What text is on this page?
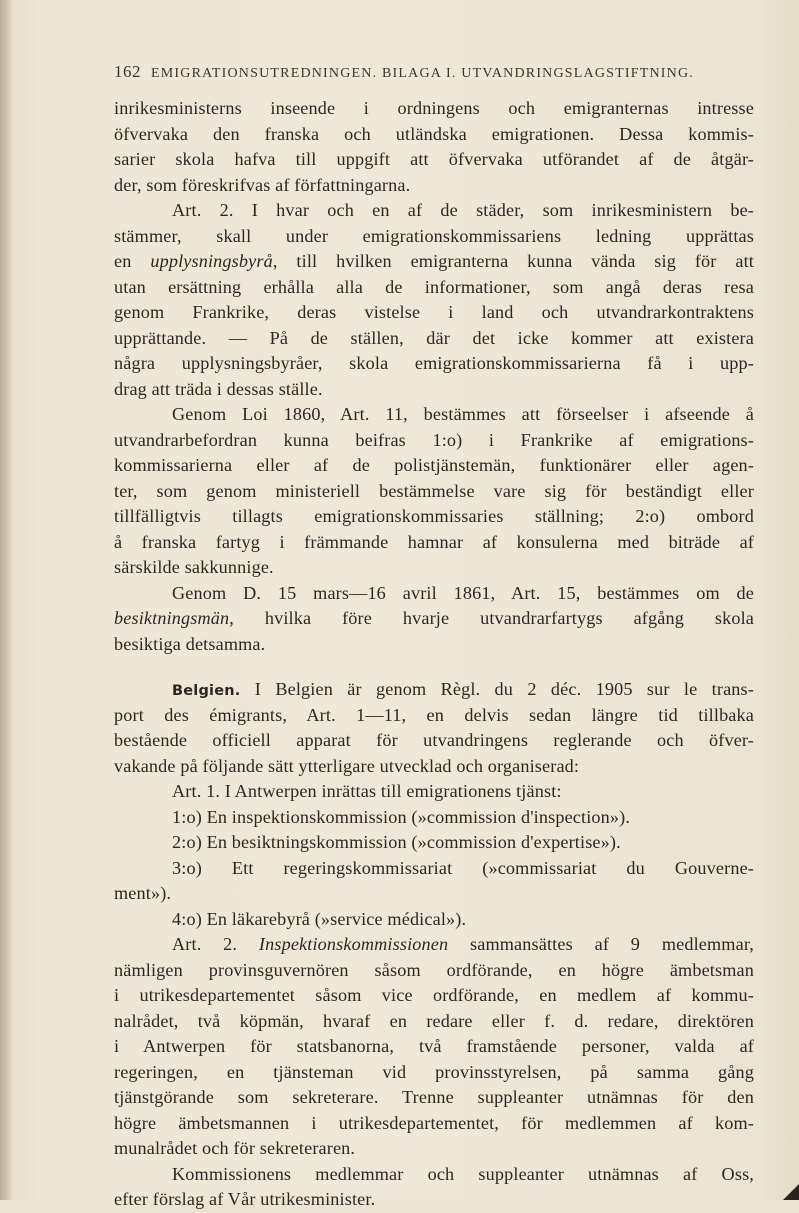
162 EMIGRATIONSUTREDNINGEN. BILAGA I. UTVANDRINGSLAGSTIFTNING.
inrikesministerns inseende i ordningens och emigranternas intresse
öfvervaka den franska och utländska emigrationen. Dessa kommis-
sarier skola hafva till uppgift att öfvervaka utförandet af de åtgär-
der, som föreskrifvas af författningarna.
Art. 2. I hvar och en af de städer, som inrikesministern be-
stämmer, skall under emigrationskommissariens ledning upprättas
en upplysningsbyrå, till hvilken emigranterna kunna vända sig för att
utan ersättning erhålla alla de informationer, som angå deras resa
genom Frankrike, deras vistelse i land och utvandrarkontraktens
upprättande. — På de ställen, där det icke kommer att existera
några upplysningsbyråer, skola emigrationskommissarierna få i upp-
drag att träda i dessas ställe.
Genom Loi 1860, Art. 11, bestämmes att förseelser i afseende å
utvandrarbefordran kunna beifras 1:o) i Frankrike af emigrations-
kommissarierna eller af de polistjänstemän, funktionärer eller agen-
ter, som genom ministeriell bestämmelse vare sig för beständigt eller
tillfälligtvis tillagts emigrationskommissaries ställning; 2:o) ombord
å franska fartyg i främmande hamnar af konsulerna med biträde af
särskilde sakkunnige.
Genom D. 15 mars—16 avril 1861, Art. 15, bestämmes om de
besiktningsmän, hvilka före hvarje utvandrarfartygs afgång skola
besiktiga detsamma.
Belgien. I Belgien är genom Règl. du 2 déc. 1905 sur le trans-
port des émigrants, Art. 1—11, en delvis sedan längre tid tillbaka
bestående officiell apparat för utvandringens reglerande och öfver-
vakande på följande sätt ytterligare utvecklad och organiserad:
Art. 1. I Antwerpen inrättas till emigrationens tjänst:
1:o) En inspektionskommission (»commission d'inspection»).
2:o) En besiktningskommission (»commission d'expertise»).
3:o) Ett regeringskommissariat (»commissariat du Gouverne-
ment»).
4:o) En läkarebyrå (»service médical»).
Art. 2. Inspektionskommissionen sammansättes af 9 medlemmar,
nämligen provinsguvernören såsom ordförande, en högre ämbetsman
i utrikesdepartementet såsom vice ordförande, en medlem af kommu-
nalrådet, två köpmän, hvaraf en redare eller f. d. redare, direktören
i Antwerpen för statsbanorna, två framstående personer, valda af
regeringen, en tjänsteman vid provinsstyrelsen, på samma gång
tjänstgörande som sekreterare. Trenne suppleanter utnämnas för den
högre ämbetsmannen i utrikesdepartementet, för medlemmen af kom-
munalrådet och för sekreteraren.
Kommissionens medlemmar och suppleanter utnämnas af Oss,
efter förslag af Vår utrikesminister.
